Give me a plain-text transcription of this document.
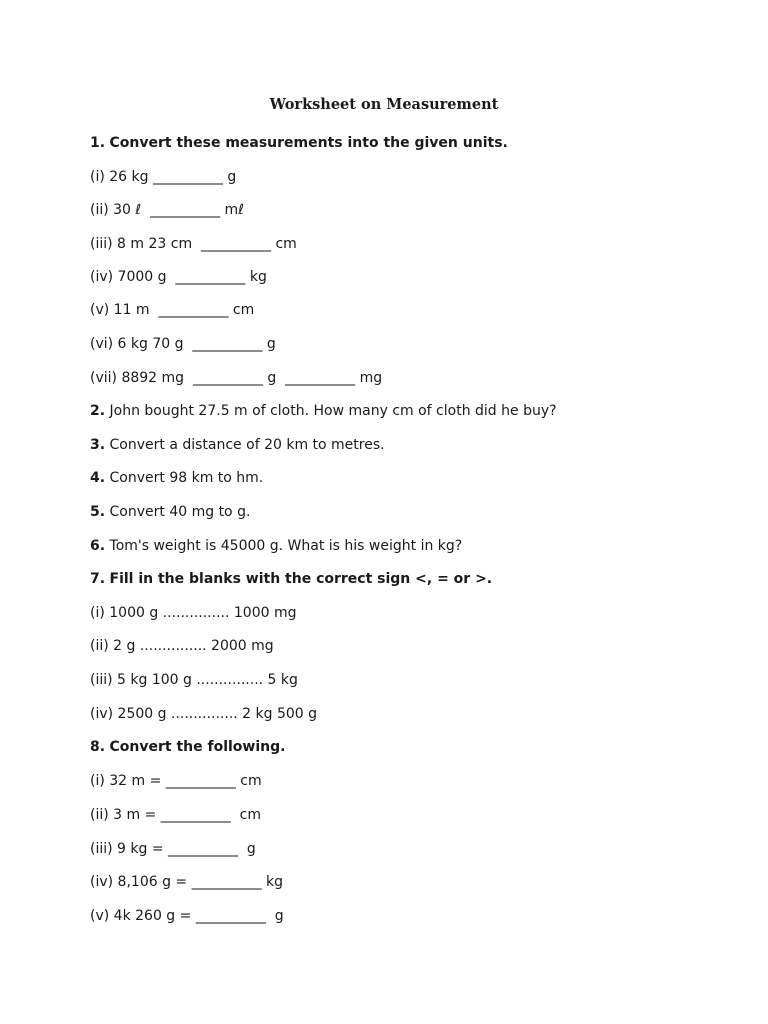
Worksheet on Measurement
1. Convert these measurements into the given units.
(i) 26 kg __________ g
(ii) 30 ℓ  __________ mℓ
(iii) 8 m 23 cm  __________ cm
(iv) 7000 g  __________ kg
(v) 11 m  __________ cm
(vi) 6 kg 70 g  __________ g
(vii) 8892 mg  __________ g  __________ mg
2. John bought 27.5 m of cloth. How many cm of cloth did he buy?
3. Convert a distance of 20 km to metres.
4. Convert 98 km to hm.
5. Convert 40 mg to g.
6. Tom's weight is 45000 g. What is his weight in kg?
7. Fill in the blanks with the correct sign <, = or >.
(i) 1000 g ............... 1000 mg
(ii) 2 g ............... 2000 mg
(iii) 5 kg 100 g ............... 5 kg
(iv) 2500 g ............... 2 kg 500 g
8. Convert the following.
(i) 32 m = __________ cm
(ii) 3 m = __________  cm
(iii) 9 kg = __________  g
(iv) 8,106 g = __________ kg
(v) 4k 260 g = __________  g
